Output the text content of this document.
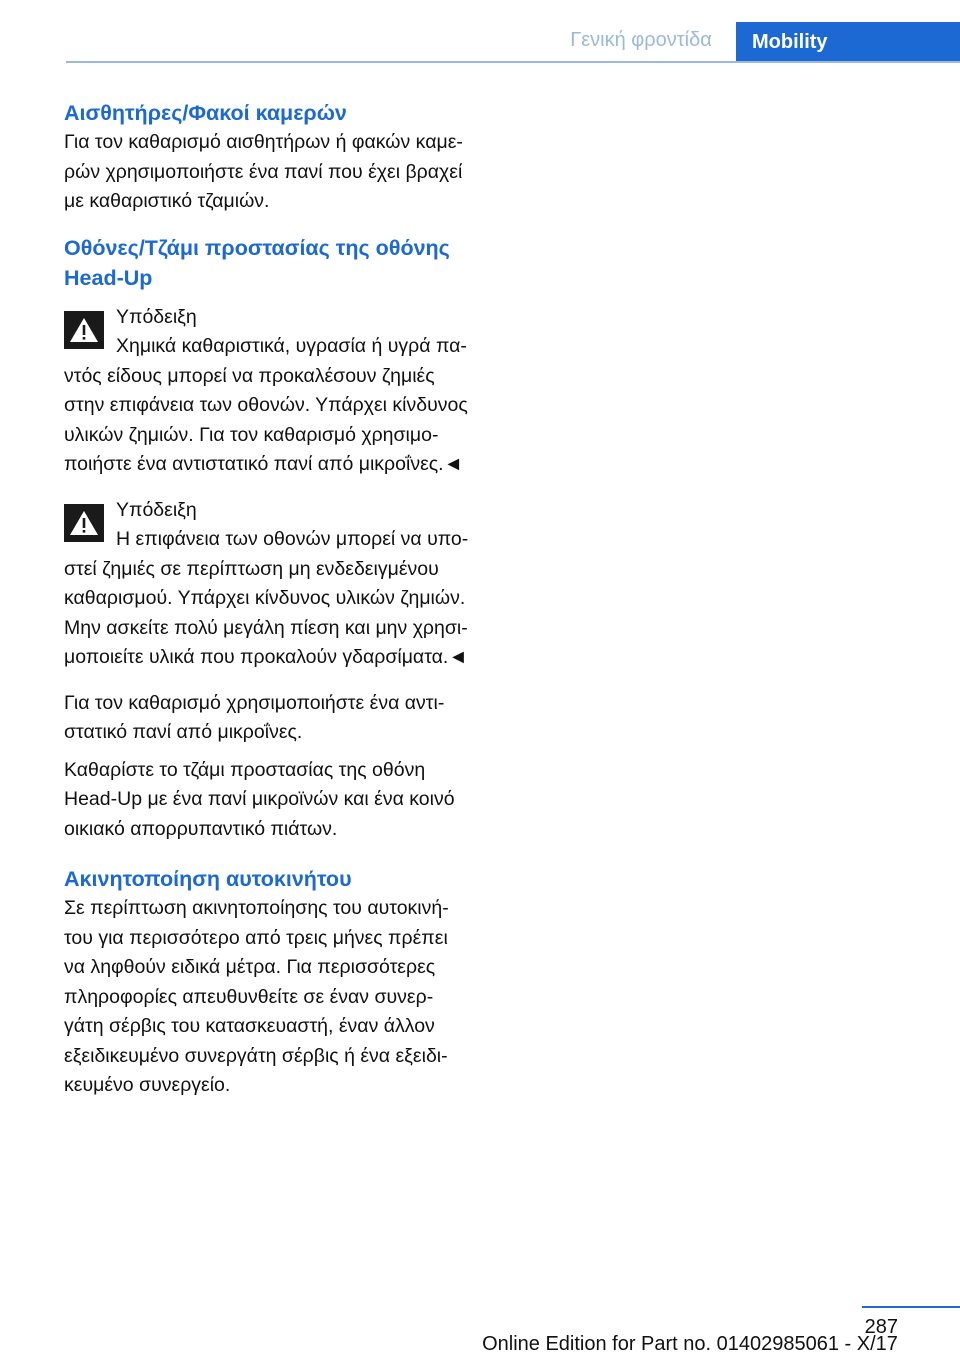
Γενική φροντίδα	Mobility
Αισθητήρες/Φακοί καμερών

Για τον καθαρισμό αισθητήρων ή φακών καμε‐

ρών χρησιμοποιήστε ένα πανί που έχει βραχεί

με καθαριστικό τζαμιών.

Οθόνες/Τζάμι προστασίας της οθόνης
Head-Up

Υπόδειξη

Χημικά καθαριστικά, υγρασία ή υγρά πα‐

ντός είδους μπορεί να προκαλέσουν ζημιές

στην επιφάνεια των οθονών. Υπάρχει κίνδυνος

υλικών ζημιών. Για τον καθαρισμό χρησιμο‐

ποιήστε ένα αντιστατικό πανί από μικροΐνες.◄

Υπόδειξη

Η επιφάνεια των οθονών μπορεί να υπο‐

στεί ζημιές σε περίπτωση μη ενδεδειγμένου

καθαρισμού. Υπάρχει κίνδυνος υλικών ζημιών.

Μην ασκείτε πολύ μεγάλη πίεση και μην χρησι‐

μοποιείτε υλικά που προκαλούν γδαρσίματα.◄

Για τον καθαρισμό χρησιμοποιήστε ένα αντι‐

στατικό πανί από μικροΐνες.

Καθαρίστε το τζάμι προστασίας της οθόνη

Head-Up με ένα πανί μικροϊνών και ένα κοινό

οικιακό απορρυπαντικό πιάτων.

Ακινητοποίηση αυτοκινήτου

Σε περίπτωση ακινητοποίησης του αυτοκινή‐

του για περισσότερο από τρεις μήνες πρέπει

να ληφθούν ειδικά μέτρα. Για περισσότερες

πληροφορίες απευθυνθείτε σε έναν συνερ‐

γάτη σέρβις του κατασκευαστή, έναν άλλον

εξειδικευμένο συνεργάτη σέρβις ή ένα εξειδι‐

κευμένο συνεργείο.

287
Online Edition for Part no. 01402985061 - X/17
